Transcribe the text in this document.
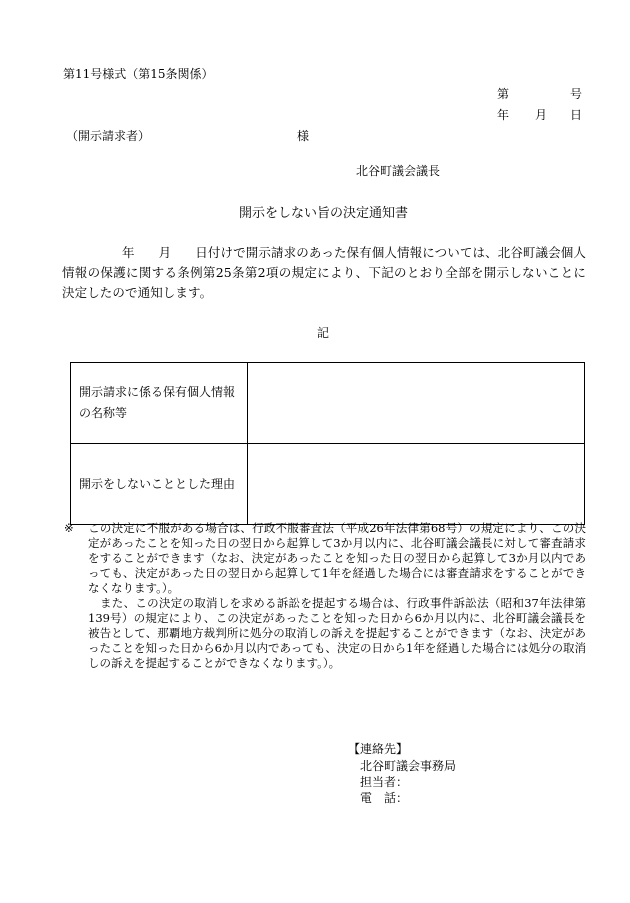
第11号様式（第15条関係）
第	号
年 月 日
（開示請求者）	様
北谷町議会議長
開示をしない旨の決定通知書
年 月 日付けで開示請求のあった保有個人情報については、北谷町議会個人情報の保護に関する条例第25条第2項の規定により、下記のとおり全部を開示しないことに決定したので通知します。
記
開示請求に係る保有個人情報の名称等	
開示をしないこととした理由	

※ この決定に不服がある場合は、行政不服審査法（平成26年法律第68号）の規定により、この決定があったことを知った日の翌日から起算して3か月以内に、北谷町議会議長に対して審査請求をすることができます（なお、決定があったことを知った日の翌日から起算して3か月以内であっても、決定があった日の翌日から起算して1年を経過した場合には審査請求をすることができなくなります。）。

また、この決定の取消しを求める訴訟を提起する場合は、行政事件訴訟法（昭和37年法律第139号）の規定により、この決定があったことを知った日から6か月以内に、北谷町議会議長を被告として、那覇地方裁判所に処分の取消しの訴えを提起することができます（なお、決定があったことを知った日から6か月以内であっても、決定の日から1年を経過した場合には処分の取消しの訴えを提起することができなくなります。）。

【連絡先】
北谷町議会事務局
担当者：
電　話：
